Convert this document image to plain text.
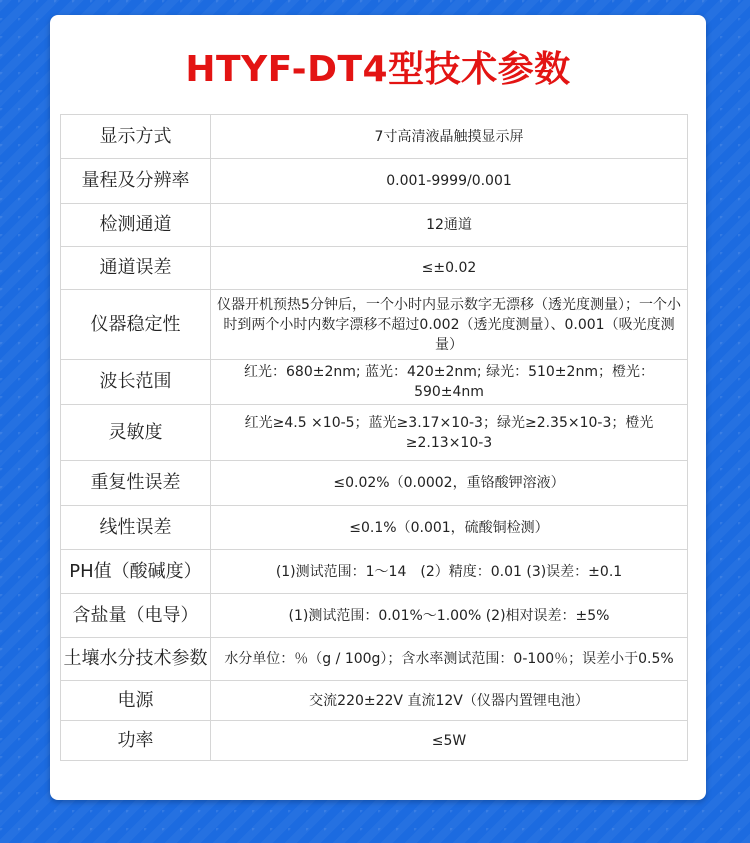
HTYF-DT4型技术参数
显示方式	7寸高清液晶触摸显示屏
量程及分辨率	0.001-9999/0.001
检测通道	12通道
通道误差	≤±0.02
仪器稳定性	仪器开机预热5分钟后，一个小时内显示数字无漂移（透光度测量）；一个小时到两个小时内数字漂移不超过0.002（透光度测量）、0.001（吸光度测量）
波长范围	红光：680±2nm; 蓝光：420±2nm; 绿光：510±2nm；橙光：590±4nm
灵敏度	红光≥4.5 ×10-5；蓝光≥3.17×10-3；绿光≥2.35×10-3；橙光≥2.13×10-3
重复性误差	≤0.02%（0.0002，重铬酸钾溶液）
线性误差	≤0.1%（0.001，硫酸铜检测）
PH值（酸碱度）	(1)测试范围：1～14　(2）精度：0.01 (3)误差：±0.1
含盐量（电导）	(1)测试范围：0.01%～1.00% (2)相对误差：±5%
土壤水分技术参数	水分单位：％（g / 100g）；含水率测试范围：0-100％；误差小于0.5%
电源	交流220±22V 直流12V（仪器内置锂电池）
功率	≤5W
